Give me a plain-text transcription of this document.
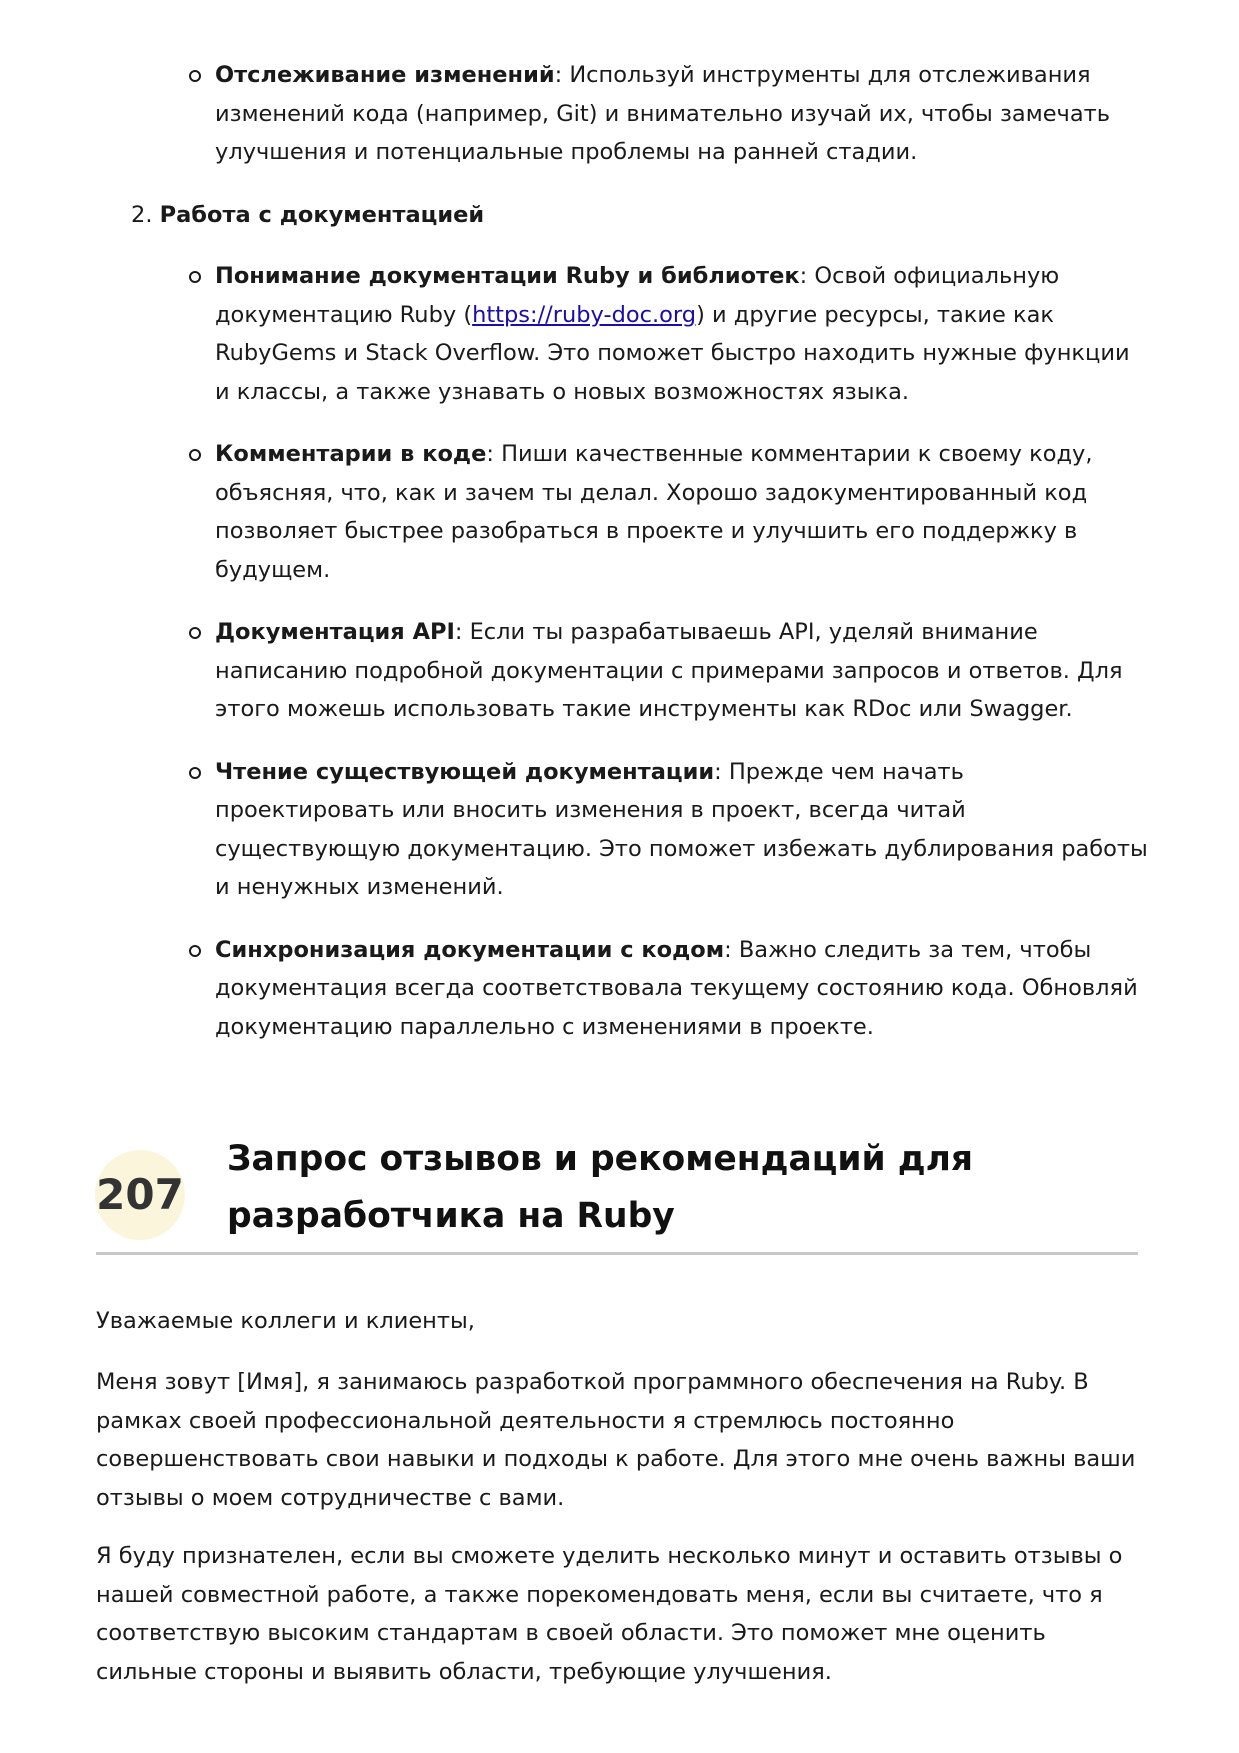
Отслеживание изменений: Используй инструменты для отслеживания изменений кода (например, Git) и внимательно изучай их, чтобы замечать улучшения и потенциальные проблемы на ранней стадии.
2. Работа с документацией
Понимание документации Ruby и библиотек: Освой официальную документацию Ruby (https://ruby-doc.org) и другие ресурсы, такие как RubyGems и Stack Overflow. Это поможет быстро находить нужные функции и классы, а также узнавать о новых возможностях языка.
Комментарии в коде: Пиши качественные комментарии к своему коду, объясняя, что, как и зачем ты делал. Хорошо задокументированный код позволяет быстрее разобраться в проекте и улучшить его поддержку в будущем.
Документация API: Если ты разрабатываешь API, уделяй внимание написанию подробной документации с примерами запросов и ответов. Для этого можешь использовать такие инструменты как RDoc или Swagger.
Чтение существующей документации: Прежде чем начать проектировать или вносить изменения в проект, всегда читай существующую документацию. Это поможет избежать дублирования работы и ненужных изменений.
Синхронизация документации с кодом: Важно следить за тем, чтобы документация всегда соответствовала текущему состоянию кода. Обновляй документацию параллельно с изменениями в проекте.
207
Запрос отзывов и рекомендаций для разработчика на Ruby

Уважаемые коллеги и клиенты,

Меня зовут [Имя], я занимаюсь разработкой программного обеспечения на Ruby. В рамках своей профессиональной деятельности я стремлюсь постоянно совершенствовать свои навыки и подходы к работе. Для этого мне очень важны ваши отзывы о моем сотрудничестве с вами.

Я буду признателен, если вы сможете уделить несколько минут и оставить отзывы о нашей совместной работе, а также порекомендовать меня, если вы считаете, что я соответствую высоким стандартам в своей области. Это поможет мне оценить сильные стороны и выявить области, требующие улучшения.
